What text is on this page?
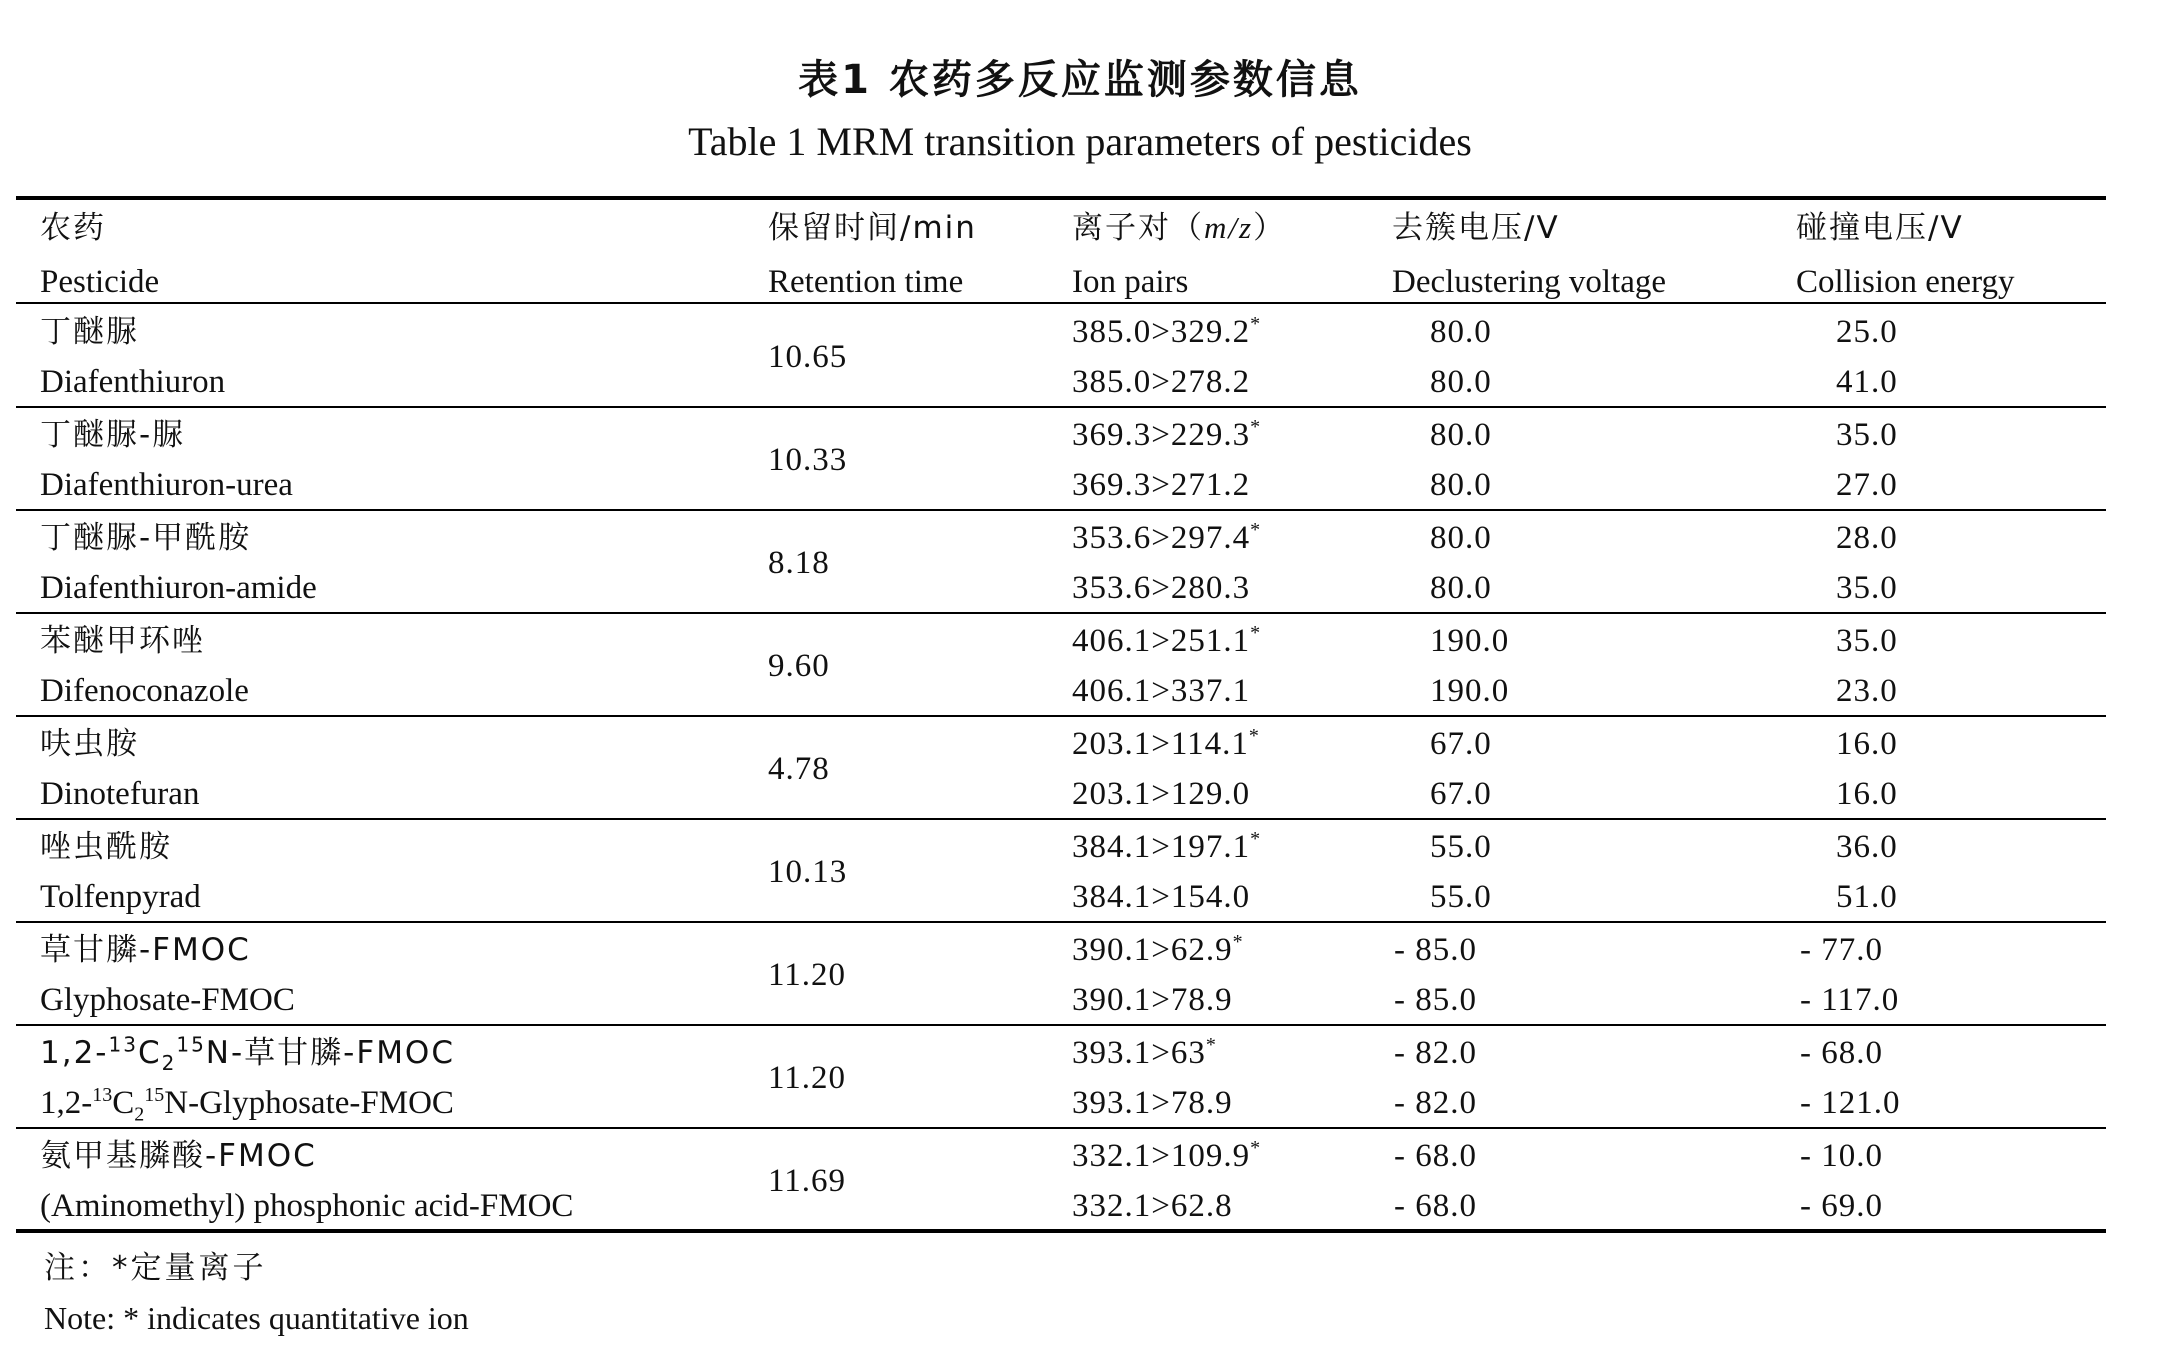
表1 农药多反应监测参数信息
Table 1 MRM transition parameters of pesticides
农药
Pesticide
保留时间/min
Retention time
离子对（m/z）
Ion pairs
去簇电压/V
Declustering voltage
碰撞电压/V
Collision energy
丁醚脲
Diafenthiuron
10.65
385.0>329.2*
385.0>278.2
80.0
80.0
25.0
41.0
丁醚脲-脲
Diafenthiuron-urea
10.33
369.3>229.3*
369.3>271.2
80.0
80.0
35.0
27.0
丁醚脲-甲酰胺
Diafenthiuron-amide
8.18
353.6>297.4*
353.6>280.3
80.0
80.0
28.0
35.0
苯醚甲环唑
Difenoconazole
9.60
406.1>251.1*
406.1>337.1
190.0
190.0
35.0
23.0
呋虫胺
Dinotefuran
4.78
203.1>114.1*
203.1>129.0
67.0
67.0
16.0
16.0
唑虫酰胺
Tolfenpyrad
10.13
384.1>197.1*
384.1>154.0
55.0
55.0
36.0
51.0
草甘膦-FMOC
Glyphosate-FMOC
11.20
390.1>62.9*
390.1>78.9
- 85.0
- 85.0
- 77.0
- 117.0
$1,2-^{13}C_2^{15}N-$草甘膦-FMOC
$1,2-^{13}C_2^{15}N-Glyphosate$-FMOC
11.20
393.1>63*
393.1>78.9
- 82.0
- 82.0
- 68.0
- 121.0
氨甲基膦酸-FMOC
(Aminomethyl) phosphonic acid-FMOC
11.69
332.1>109.9*
332.1>62.8
- 68.0
- 68.0
- 10.0
- 69.0
注：*定量离子
Note: * indicates quantitative ion
